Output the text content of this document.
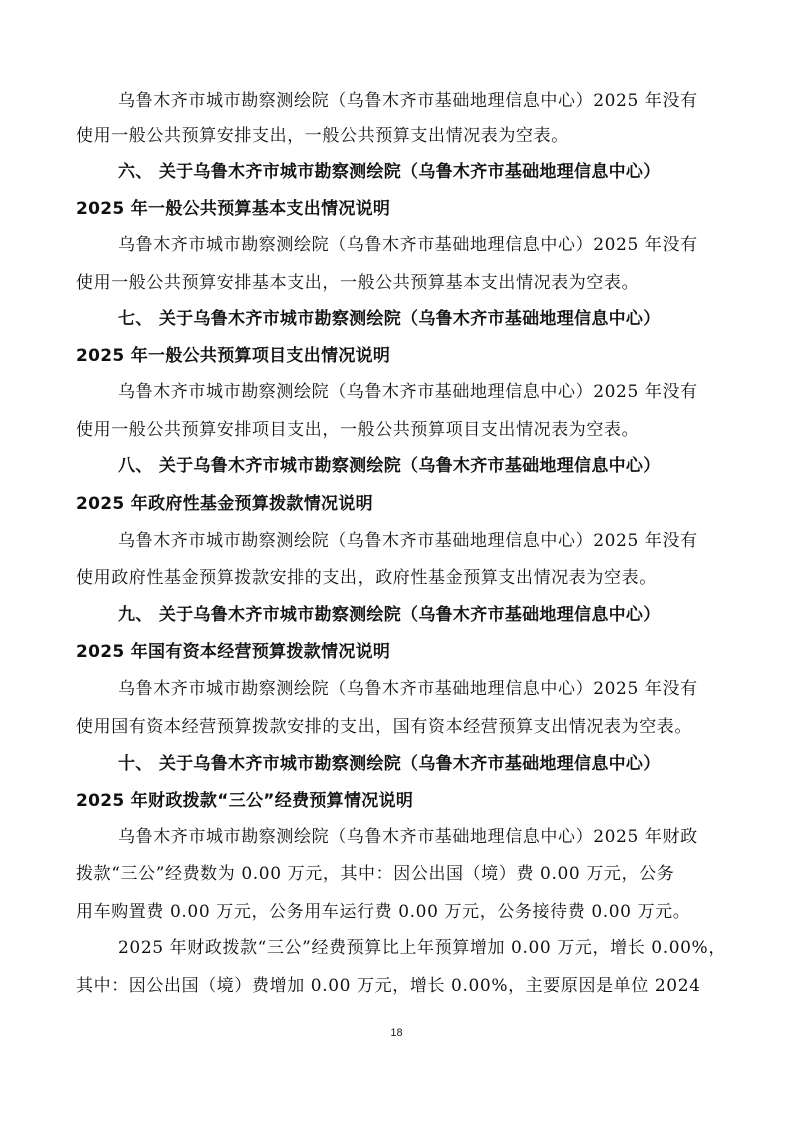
乌鲁木齐市城市勘察测绘院（乌鲁木齐市基础地理信息中心）2025 年没有
使用一般公共预算安排支出，一般公共预算支出情况表为空表。
六、 关于乌鲁木齐市城市勘察测绘院（乌鲁木齐市基础地理信息中心）
2025 年一般公共预算基本支出情况说明
乌鲁木齐市城市勘察测绘院（乌鲁木齐市基础地理信息中心）2025 年没有
使用一般公共预算安排基本支出，一般公共预算基本支出情况表为空表。
七、 关于乌鲁木齐市城市勘察测绘院（乌鲁木齐市基础地理信息中心）
2025 年一般公共预算项目支出情况说明
乌鲁木齐市城市勘察测绘院（乌鲁木齐市基础地理信息中心）2025 年没有
使用一般公共预算安排项目支出，一般公共预算项目支出情况表为空表。
八、 关于乌鲁木齐市城市勘察测绘院（乌鲁木齐市基础地理信息中心）
2025 年政府性基金预算拨款情况说明
乌鲁木齐市城市勘察测绘院（乌鲁木齐市基础地理信息中心）2025 年没有
使用政府性基金预算拨款安排的支出，政府性基金预算支出情况表为空表。
九、 关于乌鲁木齐市城市勘察测绘院（乌鲁木齐市基础地理信息中心）
2025 年国有资本经营预算拨款情况说明
乌鲁木齐市城市勘察测绘院（乌鲁木齐市基础地理信息中心）2025 年没有
使用国有资本经营预算拨款安排的支出，国有资本经营预算支出情况表为空表。
十、 关于乌鲁木齐市城市勘察测绘院（乌鲁木齐市基础地理信息中心）
2025 年财政拨款“三公”经费预算情况说明
乌鲁木齐市城市勘察测绘院（乌鲁木齐市基础地理信息中心）2025 年财政
拨款“三公”经费数为 0.00 万元，其中：因公出国（境）费 0.00 万元，公务
用车购置费 0.00 万元，公务用车运行费 0.00 万元，公务接待费 0.00 万元。
2025 年财政拨款“三公”经费预算比上年预算增加 0.00 万元，增长 0.00%，
其中：因公出国（境）费增加 0.00 万元，增长 0.00%，主要原因是单位 2024
18
